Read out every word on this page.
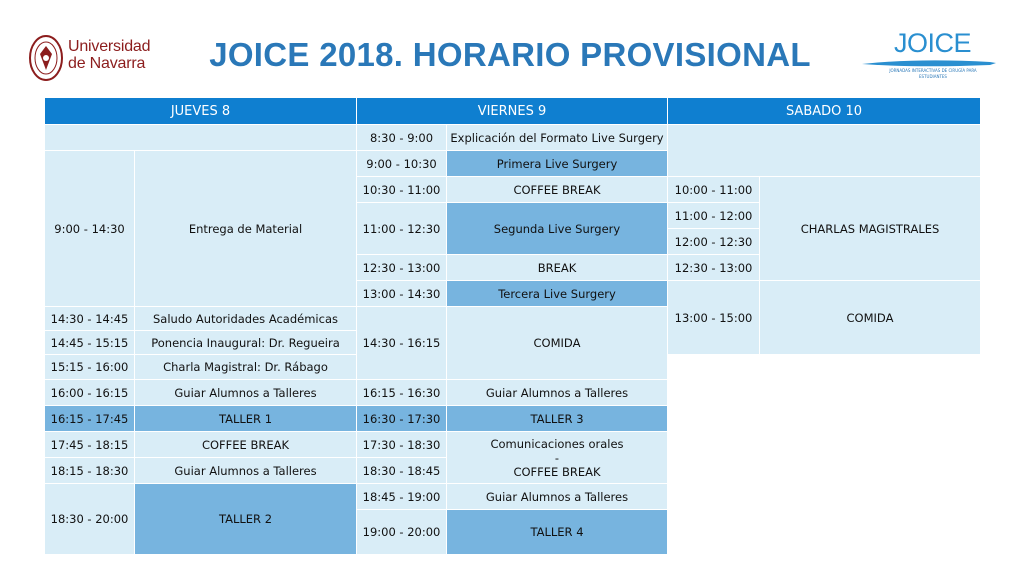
Universidad
de Navarra JOICE 2018. HORARIO PROVISIONAL	JOICE
JORNADAS INTERACTIVAS DE CIRUGÍA PARA ESTUDIANTES
JUEVES 8		VIERNES 9		SABADO 10	
		8:30 - 9:00	Explicación del Formato Live Surgery		
9:00 - 14:30	Entrega de Material	9:00 - 10:30	Primera Live Surgery		
		10:30 - 11:00	COFFEE BREAK	10:00 - 11:00	CHARLAS MAGISTRALES
		11:00 - 12:30	Segunda Live Surgery	11:00 - 12:00	
				12:00 - 12:30	
		12:30 - 13:00	BREAK	12:30 - 13:00	
		13:00 - 14:30	Tercera Live Surgery	13:00 - 15:00	COMIDA
14:30 - 14:45	Saludo Autoridades Académicas	14:30 - 16:15	COMIDA		
14:45 - 15:15	Ponencia Inaugural: Dr. Regueira				
15:15 - 16:00	Charla Magistral: Dr. Rábago				
16:00 - 16:15	Guiar Alumnos a Talleres	16:15 - 16:30	Guiar Alumnos a Talleres		
16:15 - 17:45	TALLER 1	16:30 - 17:30	TALLER 3		
17:45 - 18:15	COFFEE BREAK	17:30 - 18:30	Comunicaciones orales
-
COFFEE BREAK		

18:15 - 18:30	Guiar Alumnos a Talleres	18:30 - 18:45			
18:30 - 20:00	TALLER 2	18:45 - 19:00	Guiar Alumnos a Talleres		
		19:00 - 20:00	TALLER 4		
